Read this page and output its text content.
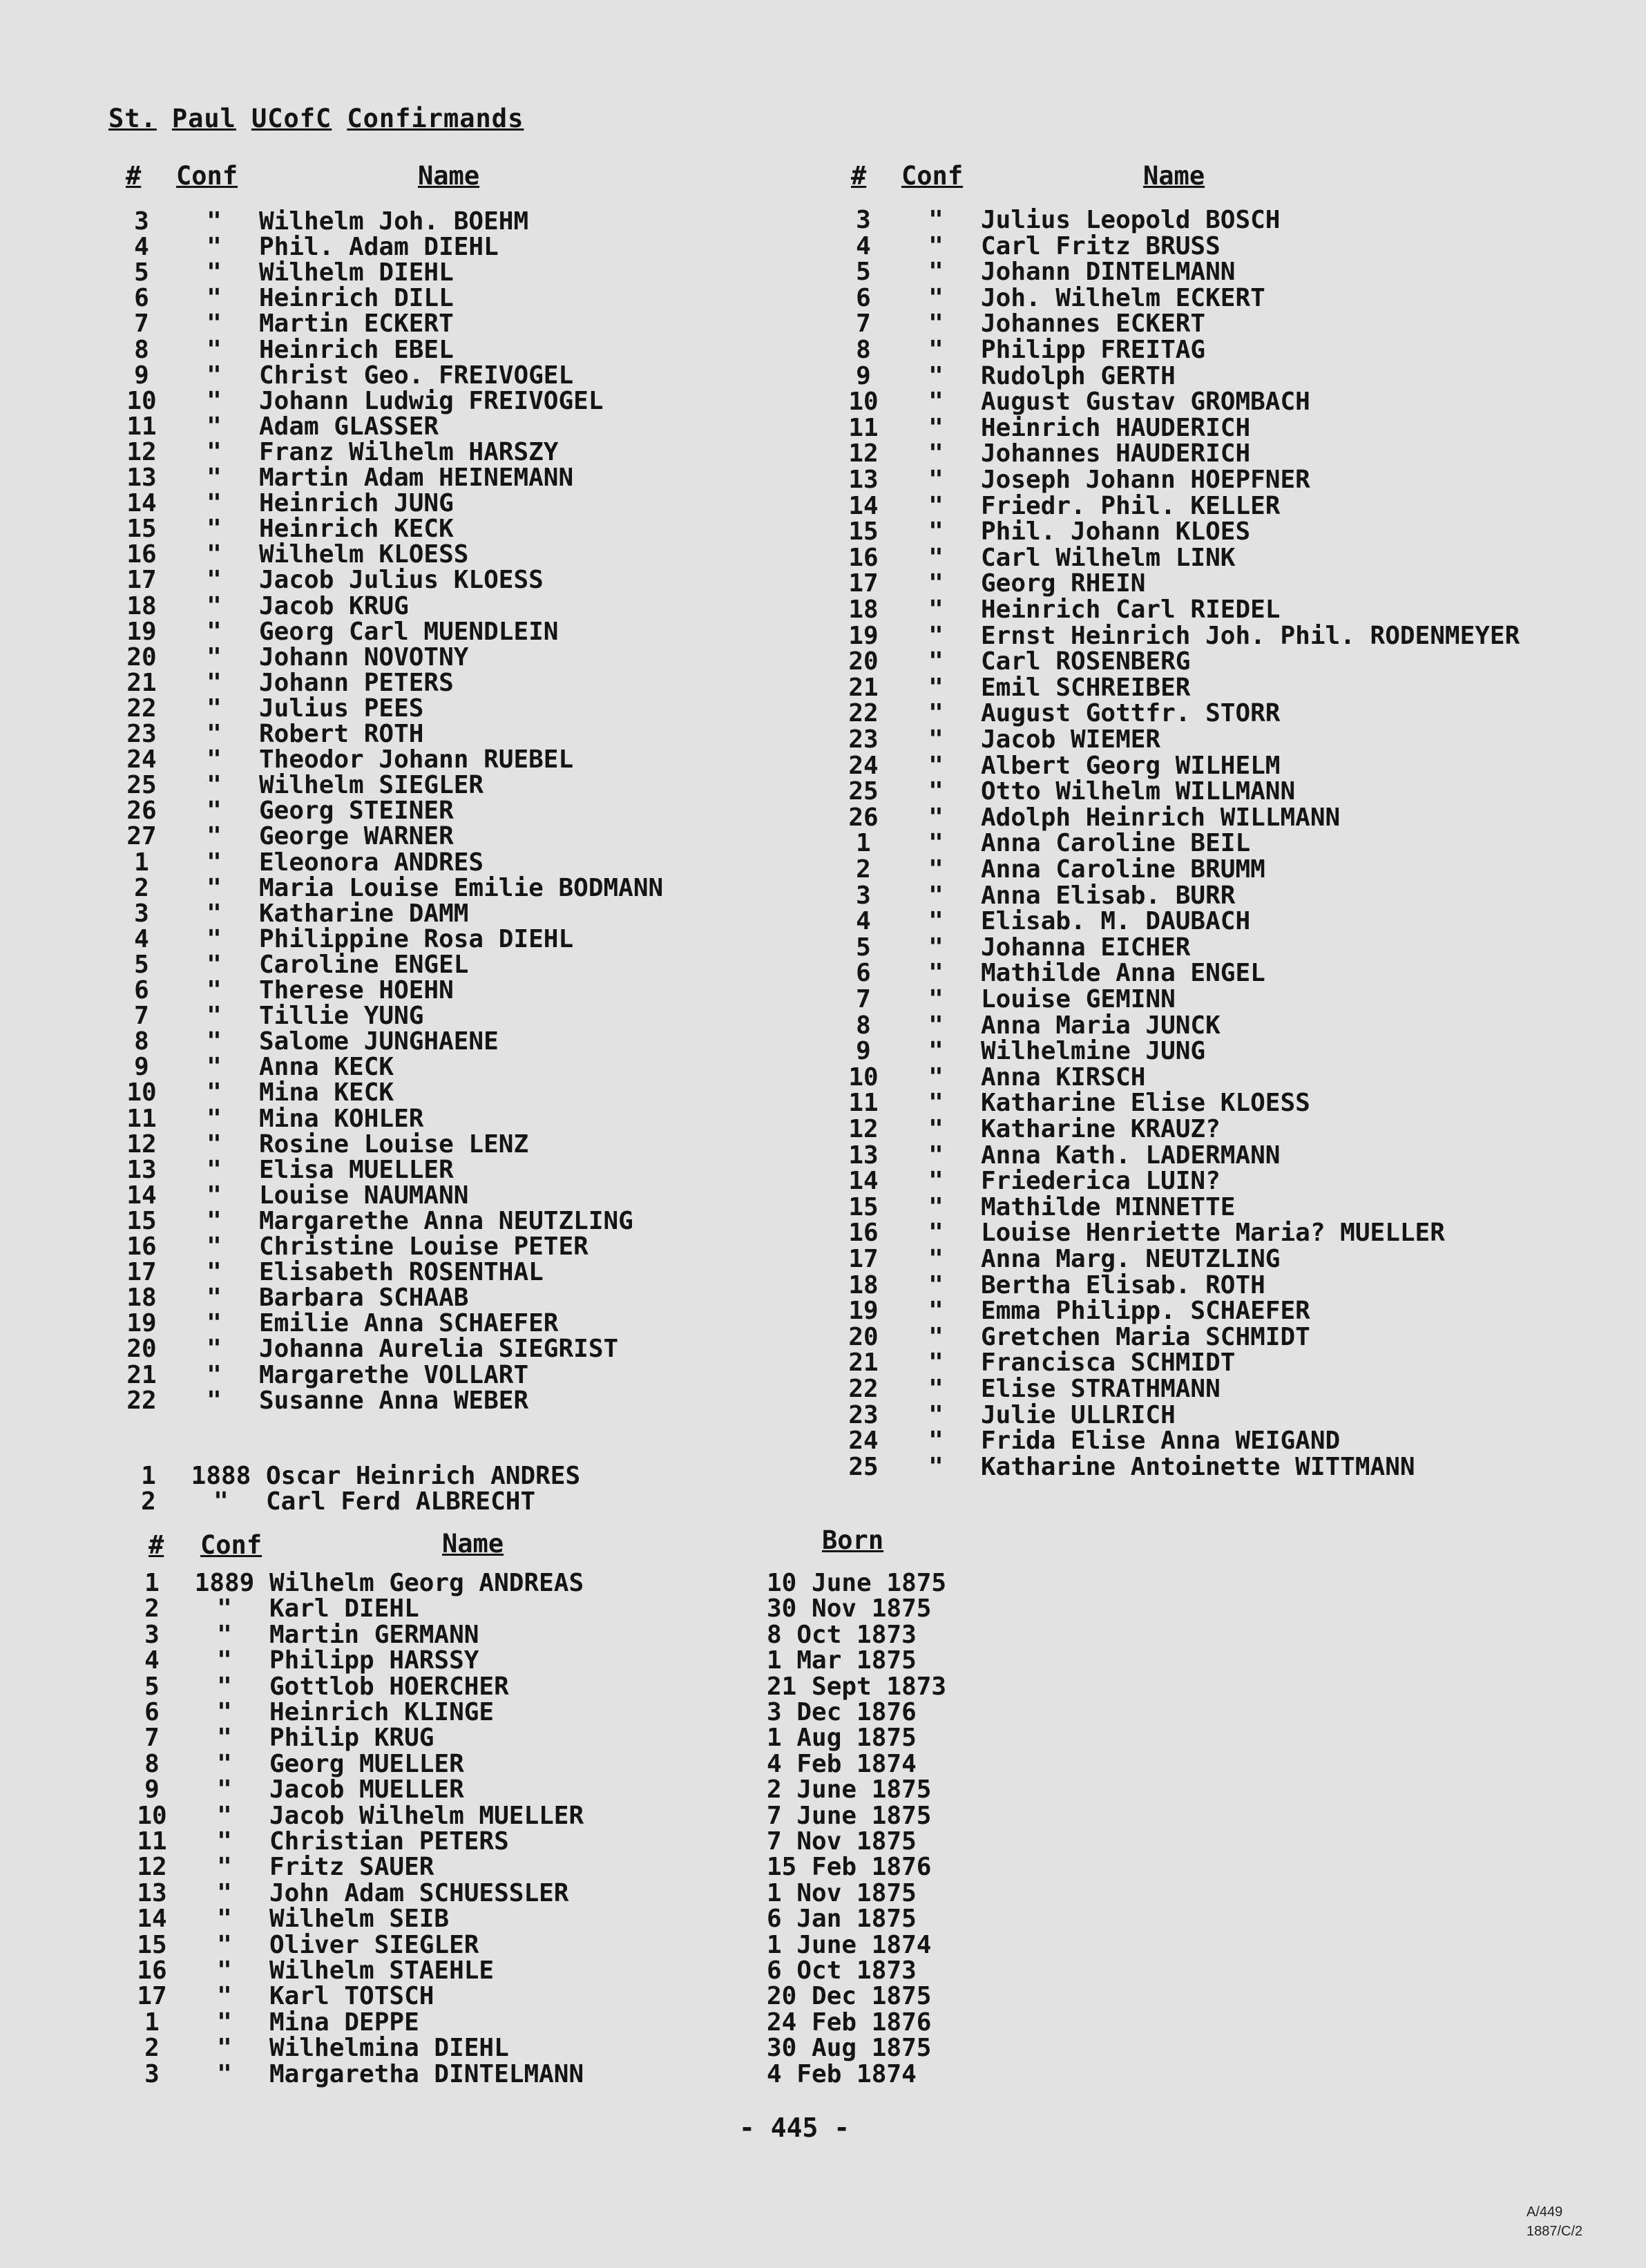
St. Paul UCofC Confirmands
# Conf	Name	# Conf	Name
3	"	Wilhelm Joh. BOEHM
4	"	Phil. Adam DIEHL
5	"	Wilhelm DIEHL
6	"	Heinrich DILL
7	"	Martin ECKERT
8	"	Heinrich EBEL
9	"	Christ Geo. FREIVOGEL
10	"	Johann Ludwig FREIVOGEL
11	"	Adam GLASSER
12	"	Franz Wilhelm HARSZY
13	"	Martin Adam HEINEMANN
14	"	Heinrich JUNG
15	"	Heinrich KECK
16	"	Wilhelm KLOESS
17	"	Jacob Julius KLOESS
18	"	Jacob KRUG
19	"	Georg Carl MUENDLEIN
20	"	Johann NOVOTNY
21	"	Johann PETERS
22	"	Julius PEES
23	"	Robert ROTH
24	"	Theodor Johann RUEBEL
25	"	Wilhelm SIEGLER
26	"	Georg STEINER
27	"	George WARNER
1	"	Eleonora ANDRES
2	"	Maria Louise Emilie BODMANN
3	"	Katharine DAMM
4	"	Philippine Rosa DIEHL
5	"	Caroline ENGEL
6	"	Therese HOEHN
7	"	Tillie YUNG
8	"	Salome JUNGHAENE
9	"	Anna KECK
10	"	Mina KECK
11	"	Mina KOHLER
12	"	Rosine Louise LENZ
13	"	Elisa MUELLER
14	"	Louise NAUMANN
15	"	Margarethe Anna NEUTZLING
16	"	Christine Louise PETER
17	"	Elisabeth ROSENTHAL
18	"	Barbara SCHAAB
19	"	Emilie Anna SCHAEFER
20	"	Johanna Aurelia SIEGRIST
21	"	Margarethe VOLLART
22	"	Susanne Anna WEBER
1	1888 Oscar Heinrich ANDRES
2	"	Carl Ferd ALBRECHT
3	"	Julius Leopold BOSCH
4	"	Carl Fritz BRUSS
5	"	Johann DINTELMANN
6	"	Joh. Wilhelm ECKERT
7	"	Johannes ECKERT
8	"	Philipp FREITAG
9	"	Rudolph GERTH
10	"	August Gustav GROMBACH
11	"	Heinrich HAUDERICH
12	"	Johannes HAUDERICH
13	"	Joseph Johann HOEPFNER
14	"	Friedr. Phil. KELLER
15	"	Phil. Johann KLOES
16	"	Carl Wilhelm LINK
17	"	Georg RHEIN
18	"	Heinrich Carl RIEDEL
19	"	Ernst Heinrich Joh. Phil. RODENMEYER
20	"	Carl ROSENBERG
21	"	Emil SCHREIBER
22	"	August Gottfr. STORR
23	"	Jacob WIEMER
24	"	Albert Georg WILHELM
25	"	Otto Wilhelm WILLMANN
26	"	Adolph Heinrich WILLMANN
1	"	Anna Caroline BEIL
2	"	Anna Caroline BRUMM
3	"	Anna Elisab. BURR
4	"	Elisab. M. DAUBACH
5	"	Johanna EICHER
6	"	Mathilde Anna ENGEL
7	"	Louise GEMINN
8	"	Anna Maria JUNCK
9	"	Wilhelmine JUNG
10	"	Anna KIRSCH
11	"	Katharine Elise KLOESS
12	"	Katharine KRAUZ?
13	"	Anna Kath. LADERMANN
14	"	Friederica LUIN?
15	"	Mathilde MINNETTE
16	"	Louise Henriette Maria? MUELLER
17	"	Anna Marg. NEUTZLING
18	"	Bertha Elisab. ROTH
19	"	Emma Philipp. SCHAEFER
20	"	Gretchen Maria SCHMIDT
21	"	Francisca SCHMIDT
22	"	Elise STRATHMANN
23	"	Julie ULLRICH
24	"	Frida Elise Anna WEIGAND
25	"	Katharine Antoinette WITTMANN
# Conf	Name	Born
1	1889 Wilhelm Georg ANDREAS	10 June 1875
2	"	Karl DIEHL	30 Nov 1875
3	"	Martin GERMANN	8 Oct 1873
4	"	Philipp HARSSY	1 Mar 1875
5	"	Gottlob HOERCHER	21 Sept 1873
6	"	Heinrich KLINGE	3 Dec 1876
7	"	Philip KRUG	1 Aug 1875
8	"	Georg MUELLER	4 Feb 1874
9	"	Jacob MUELLER	2 June 1875
10	"	Jacob Wilhelm MUELLER	7 June 1875
11	"	Christian PETERS	7 Nov 1875
12	"	Fritz SAUER	15 Feb 1876
13	"	John Adam SCHUESSLER	1 Nov 1875
14	"	Wilhelm SEIB	6 Jan 1875
15	"	Oliver SIEGLER	1 June 1874
16	"	Wilhelm STAEHLE	6 Oct 1873
17	"	Karl TOTSCH	20 Dec 1875
1	"	Mina DEPPE	24 Feb 1876
2	"	Wilhelmina DIEHL	30 Aug 1875
3	"	Margaretha DINTELMANN	4 Feb 1874
- 445 -
A/449
1887/C/2
